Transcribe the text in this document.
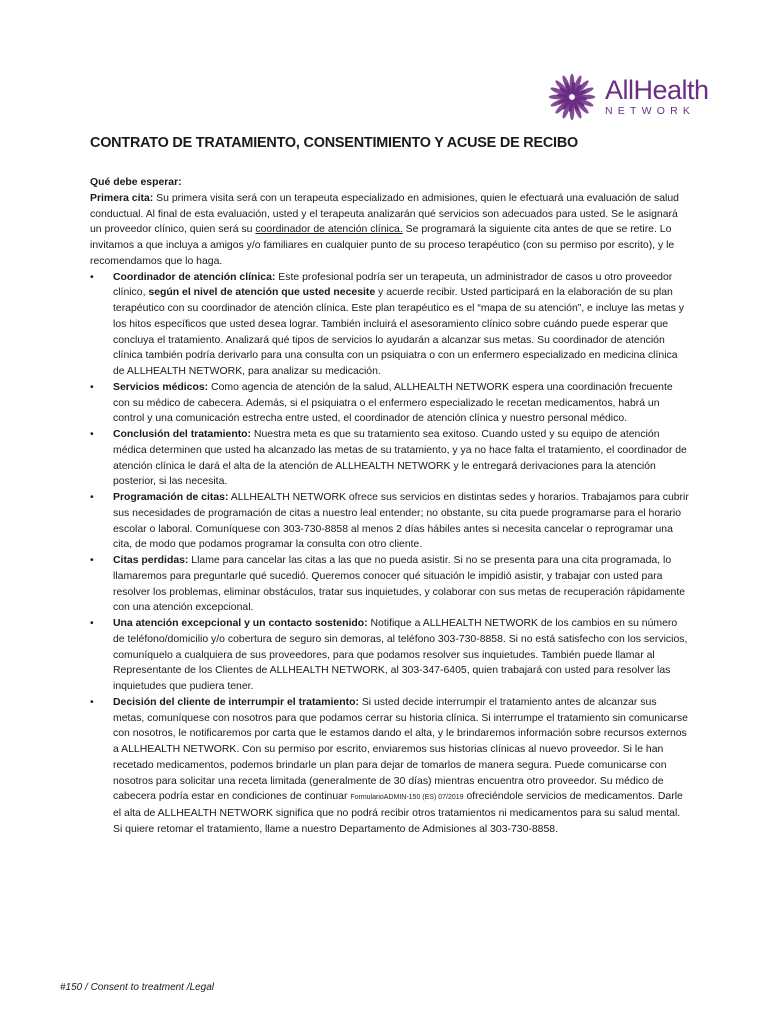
AllHealth
NETWORK
CONTRATO DE TRATAMIENTO, CONSENTIMIENTO Y ACUSE DE RECIBO
Qué debe esperar:

Primera cita: Su primera visita será con un terapeuta especializado en admisiones, quien le efectuará una evaluación de salud conductual. Al final de esta evaluación, usted y el terapeuta analizarán qué servicios son adecuados para usted. Se le asignará un proveedor clínico, quien será su coordinador de atención clínica. Se programará la siguiente cita antes de que se retire. Lo invitamos a que incluya a amigos y/o familiares en cualquier punto de su proceso terapéutico (con su permiso por escrito), y le recomendamos que lo haga.

• Coordinador de atención clínica: Este profesional podría ser un terapeuta, un administrador de casos u otro proveedor clínico, según el nivel de atención que usted necesite y acuerde recibir. Usted participará en la elaboración de su plan terapéutico con su coordinador de atención clínica. Este plan terapéutico es el “mapa de su atención”, e incluye las metas y los hitos específicos que usted desea lograr. También incluirá el asesoramiento clínico sobre cuándo puede esperar que concluya el tratamiento. Analizará qué tipos de servicios lo ayudarán a alcanzar sus metas. Su coordinador de atención clínica también podría derivarlo para una consulta con un psiquiatra o con un enfermero especializado en medicina clínica de ALLHEALTH NETWORK, para analizar su medicación.
• Servicios médicos: Como agencia de atención de la salud, ALLHEALTH NETWORK espera una coordinación frecuente con su médico de cabecera. Además, si el psiquiatra o el enfermero especializado le recetan medicamentos, habrá un control y una comunicación estrecha entre usted, el coordinador de atención clínica y nuestro personal médico.
• Conclusión del tratamiento: Nuestra meta es que su tratamiento sea exitoso. Cuando usted y su equipo de atención médica determinen que usted ha alcanzado las metas de su tratamiento, y ya no hace falta el tratamiento, el coordinador de atención clínica le dará el alta de la atención de ALLHEALTH NETWORK y le entregará derivaciones para la atención posterior, si las necesita.
• Programación de citas: ALLHEALTH NETWORK ofrece sus servicios en distintas sedes y horarios. Trabajamos para cubrir sus necesidades de programación de citas a nuestro leal entender; no obstante, su cita puede programarse para el horario escolar o laboral. Comuníquese con 303-730-8858 al menos 2 días hábiles antes si necesita cancelar o reprogramar una cita, de modo que podamos programar la consulta con otro cliente.
• Citas perdidas: Llame para cancelar las citas a las que no pueda asistir. Si no se presenta para una cita programada, lo llamaremos para preguntarle qué sucedió. Queremos conocer qué situación le impidió asistir, y trabajar con usted para resolver los problemas, eliminar obstáculos, tratar sus inquietudes, y colaborar con sus metas de recuperación rápidamente con una atención excepcional.
• Una atención excepcional y un contacto sostenido: Notifique a ALLHEALTH NETWORK de los cambios en su número de teléfono/domicilio y/o cobertura de seguro sin demoras, al teléfono 303-730-8858. Si no está satisfecho con los servicios, comuníquelo a cualquiera de sus proveedores, para que podamos resolver sus inquietudes. También puede llamar al Representante de los Clientes de ALLHEALTH NETWORK, al 303-347-6405, quien trabajará con usted para resolver las inquietudes que pudiera tener.
• Decisión del cliente de interrumpir el tratamiento: Si usted decide interrumpir el tratamiento antes de alcanzar sus metas, comuníquese con nosotros para que podamos cerrar su historia clínica. Si interrumpe el tratamiento sin comunicarse con nosotros, le notificaremos por carta que le estamos dando el alta, y le brindaremos información sobre recursos externos a ALLHEALTH NETWORK. Con su permiso por escrito, enviaremos sus historias clínicas al nuevo proveedor. Si le han recetado medicamentos, podemos brindarle un plan para dejar de tomarlos de manera segura. Puede comunicarse con nosotros para solicitar una receta limitada (generalmente de 30 días) mientras encuentra otro proveedor. Su médico de cabecera podría estar en condiciones de continuar FormularioADMIN-150 (ES) 07/2019 ofreciéndole servicios de medicamentos. Darle el alta de ALLHEALTH NETWORK significa que no podrá recibir otros tratamientos ni medicamentos para su salud mental. Si quiere retomar el tratamiento, llame a nuestro Departamento de Admisiones al 303-730-8858.
#150 / Consent to treatment /Legal
